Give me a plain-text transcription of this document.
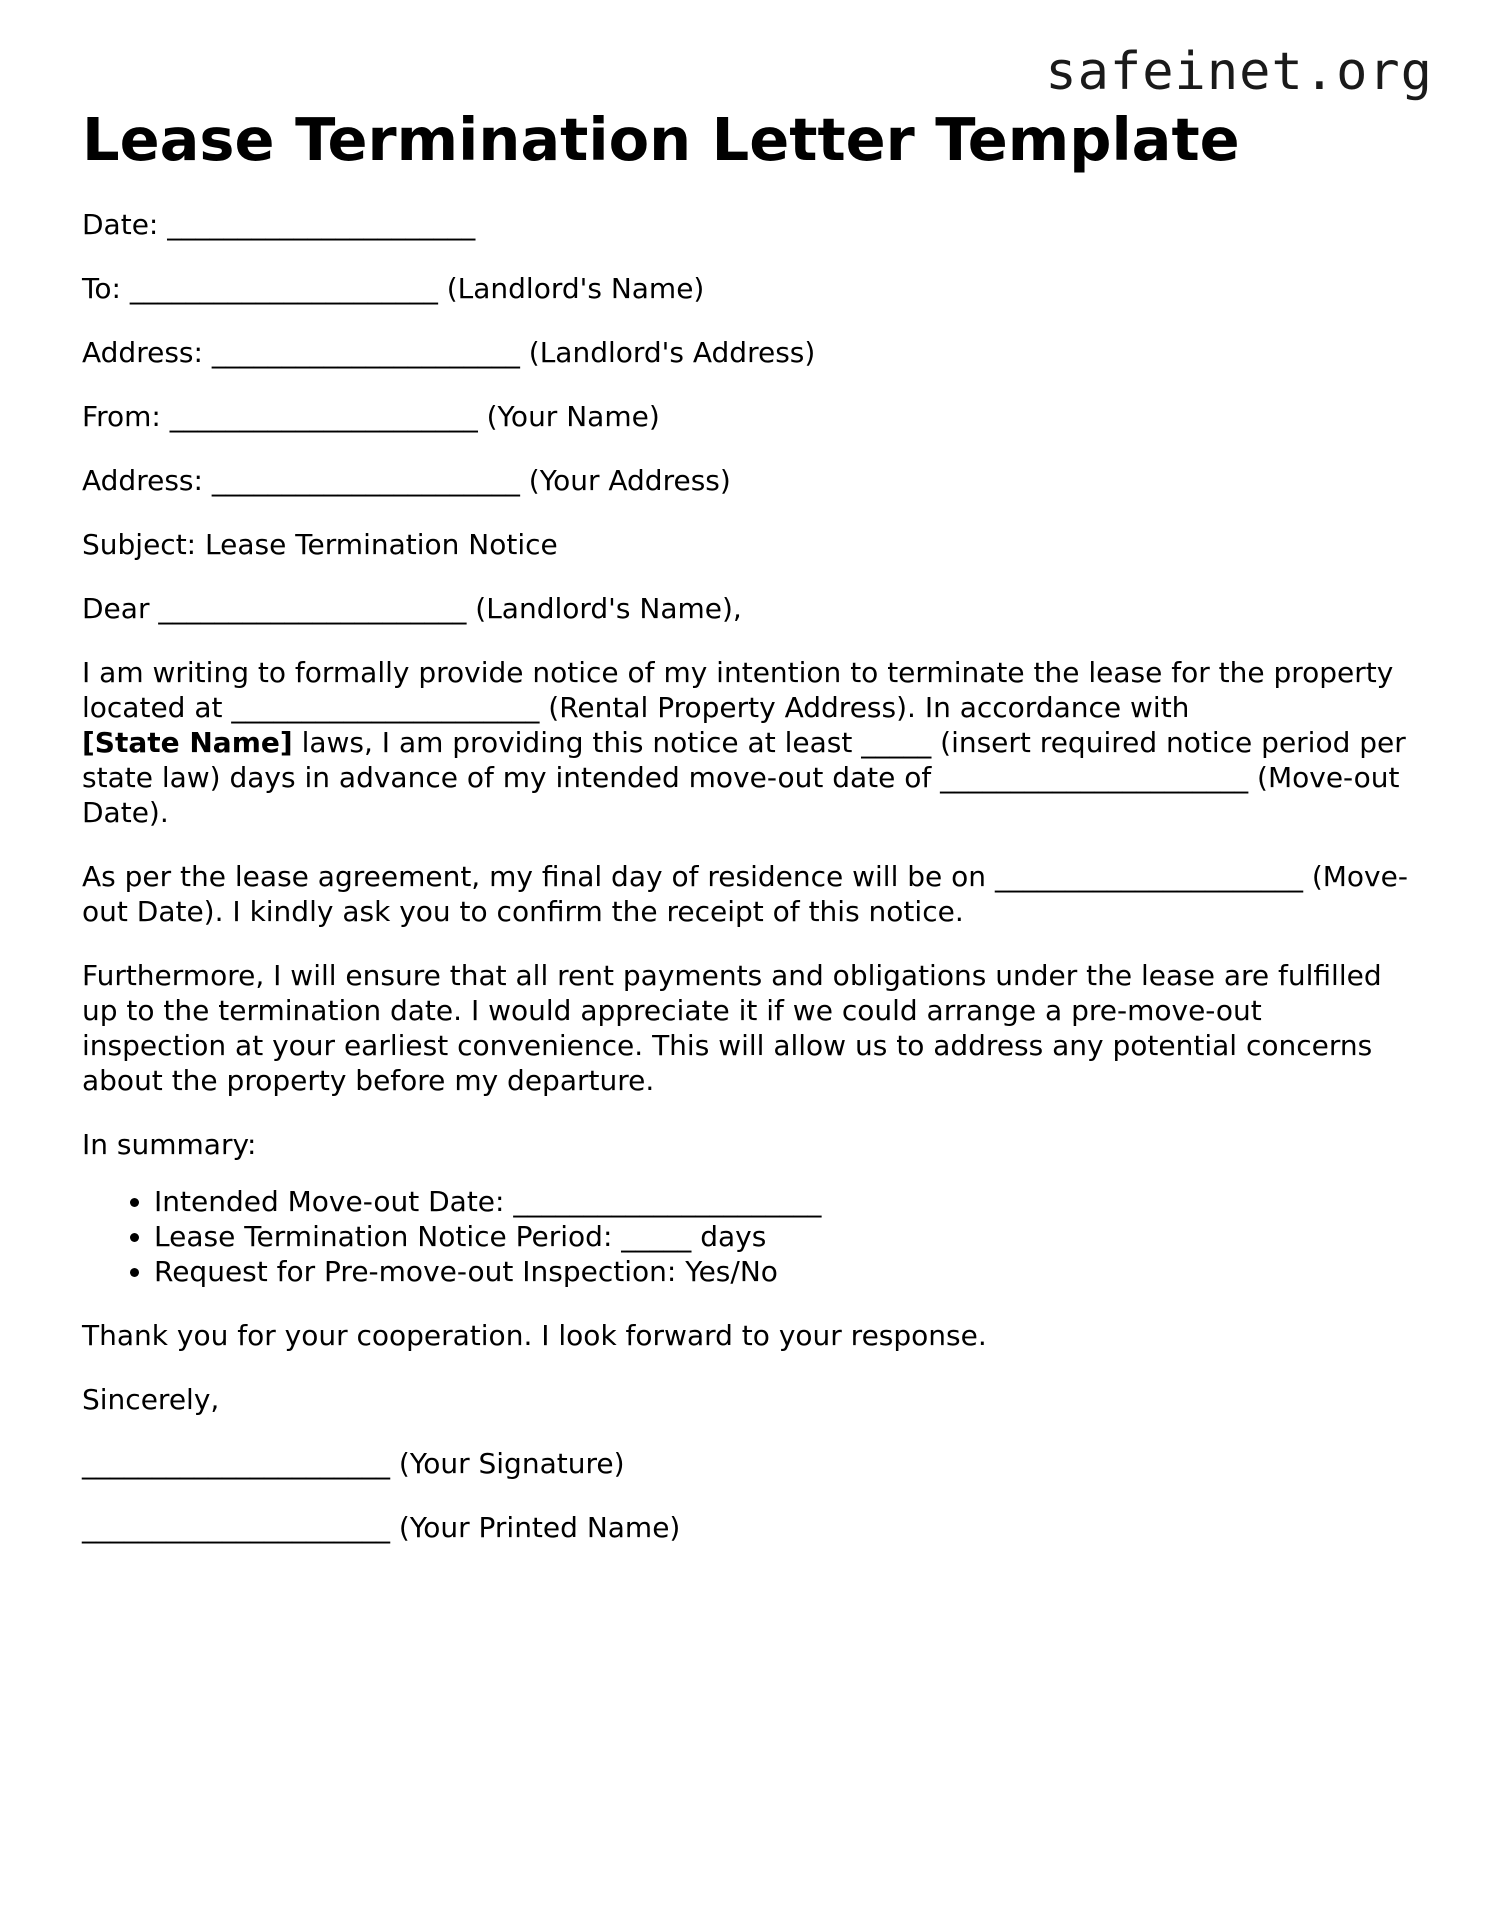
safeinet.org
Lease Termination Letter Template
Date: ______________________
To: ______________________ (Landlord's Name)
Address: ______________________ (Landlord's Address)
From: ______________________ (Your Name)
Address: ______________________ (Your Address)

Subject: Lease Termination Notice

Dear ______________________ (Landlord's Name),

I am writing to formally provide notice of my intention to terminate the lease for the property located at ______________________ (Rental Property Address). In accordance with
[State Name] laws, I am providing this notice at least _____ (insert required notice period per state law) days in advance of my intended move-out date of ______________________ (Move-out Date).

As per the lease agreement, my final day of residence will be on ______________________ (Move-out Date). I kindly ask you to confirm the receipt of this notice.

Furthermore, I will ensure that all rent payments and obligations under the lease are fulfilled up to the termination date. I would appreciate it if we could arrange a pre-move-out inspection at your earliest convenience. This will allow us to address any potential concerns about the property before my departure.

In summary:

• Intended Move-out Date: ______________________
• Lease Termination Notice Period: _____ days
• Request for Pre-move-out Inspection: Yes/No

Thank you for your cooperation. I look forward to your response.

Sincerely,

______________________ (Your Signature)

______________________ (Your Printed Name)
